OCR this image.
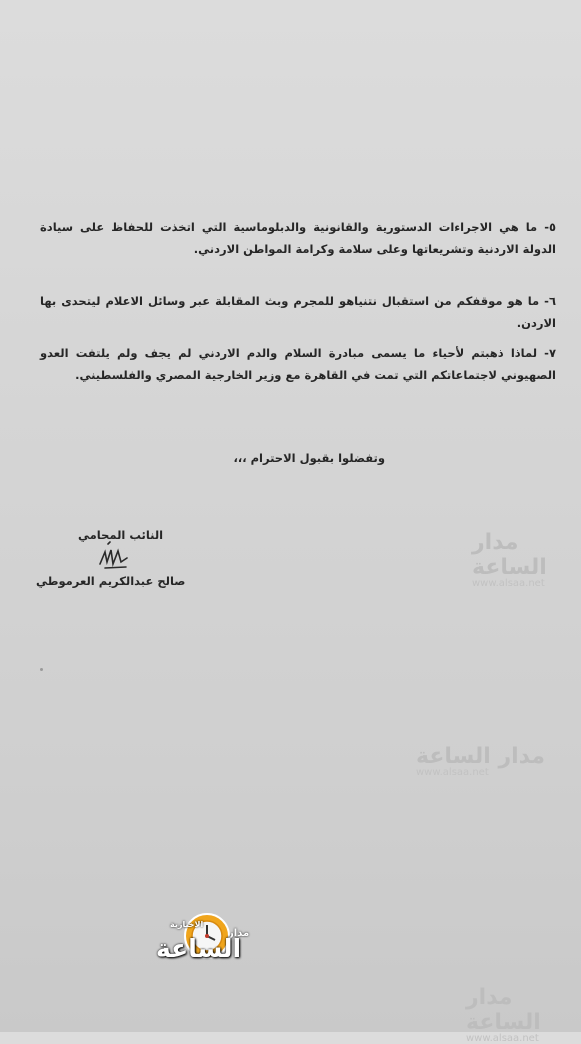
٥- ما هي الاجراءات الدستورية والقانونية والدبلوماسية التي اتخذت للحفاظ على سيادة الدولة الاردنية وتشريعاتها وعلى سلامة وكرامة المواطن الاردني.
٦- ما هو موقفكم من استقبال نتنياهو للمجرم وبث المقابلة عبر وسائل الاعلام ليتحدى بها الاردن.
٧- لماذا ذهبتم لأحياء ما يسمى مبادرة السلام والدم الاردني لم يجف ولم يلتفت العدو الصهيوني لاجتماعاتكم التي تمت في القاهرة مع وزير الخارجية المصري والفلسطيني.
وتفضلوا بقبول الاحترام ،،،
النائب المحامي
صالح عبدالكريم العرموطي
مدار الساعة
www.alsaa.net
مدار الساعة
www.alsaa.net
مدار الساعة
www.alsaa.net
الاخبارية
مدار
الساعة
